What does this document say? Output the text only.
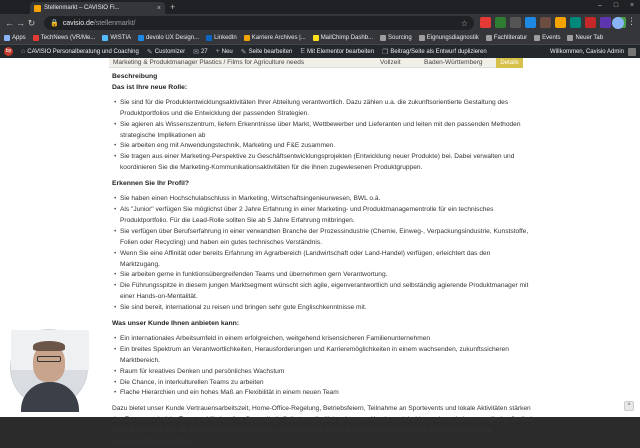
Stellenmarkt – CAVISIO Fi...	× +	–	□	×
← → ↻ 🔒 cavisio.de/stellenmarkt/	☆	⋮
Apps	TechNews (VR/Me...	WISTIA	devolo UX Design...	LinkedIn	Karriere Archives |...	MailChimp Dashb...	Sourcing	Eignungsdiagnostik	Fachliteratur	Events	Neuer Tab
bp ⌂ CAVISIO Personalberatung und Coaching ✎ Customizer ✉ 27 + Neu ✎ Seite bearbeiten E Mit Elementor bearbeiten ❐ Beitrag/Seite als Entwurf duplizieren	Willkommen, Cavisio Admin
Marketing & Produktmanager Plastics / Films for Agriculture needs	Vollzeit	Baden-Württemberg	Details
Beschreibung
Das ist Ihre neue Rolle:
• Sie sind für die Produktentwicklungsaktivitäten Ihrer Abteilung verantwortlich. Dazu zählen u.a. die zukunftsorientierte Gestaltung des Produktportfolios und die Entwicklung der passenden Strategien.
• Sie agieren als Wissenszentrum, liefern Erkenntnisse über Markt, Wettbewerber und Lieferanten und leiten mit den passenden Methoden strategische Implikationen ab
• Sie arbeiten eng mit Anwendungstechnik, Marketing und F&E zusammen.
• Sie tragen aus einer Marketing-Perspektive zu Geschäftsentwicklungsprojekten (Entwicklung neuer Produkte) bei. Dabei verwalten und koordinieren Sie die Marketing-Kommunikationsaktivitäten für die ihnen zugewiesenen Produktgruppen.
Erkennen Sie Ihr Profil?
• Sie haben einen Hochschulabschluss in Marketing, Wirtschaftsingenieurwesen, BWL o.ä.
• Als "Junior" verfügen Sie möglichst über 2 Jahre Erfahrung in einer Marketing- und Produktmanagementrolle für ein technisches Produktportfolio. Für die Lead-Rolle sollten Sie ab 5 Jahre Erfahrung mitbringen.
• Sie verfügen über Berufserfahrung in einer verwandten Branche der Prozessindustrie (Chemie, Einweg-, Verpackungsindustrie, Kunststoffe, Folien oder Recycling) und haben ein gutes technisches Verständnis.
• Wenn Sie eine Affinität oder bereits Erfahrung im Agrarbereich (Landwirtschaft oder Land-Handel) verfügen, erleichtert das den Marktzugang.
• Sie arbeiten gerne in funktionsübergreifenden Teams und übernehmen gern Verantwortung.
• Die Führungsspitze in diesem jungen Marktsegment wünscht sich agile, eigenverantwortlich und selbständig agierende Produktmanager mit einer Hands-on-Mentalität.
• Sie sind bereit, international zu reisen und bringen sehr gute Englischkenntnisse mit.
Was unser Kunde Ihnen anbieten kann:
• Ein internationales Arbeitsumfeld in einem erfolgreichen, weitgehend krisensicheren Familienunternehmen
• Ein breites Spektrum an Verantwortlichkeiten, Herausforderungen und Karrieremöglichkeiten in einem wachsenden, zukunftssicheren Marktbereich.
• Raum für kreatives Denken und persönliches Wachstum
• Die Chance, in interkulturellen Teams zu arbeiten
• Flache Hierarchien und ein hohes Maß an Flexibilität in einem neuen Team

Dazu bietet unser Kunde Vertrauensarbeitszeit, Home-Office-Regelung, Betriebsfeiern, Teilnahme an Sportevents und lokale Aktivitäten stärken den Zusammenhalt im Team und fördern ihre Gesundheit. Selbstverständlich geht unser Kunde auch bei besonderen Lebensumständen flexibel auf Ihre Wünsche ein: Ob Sie nun eine Familie gründen, sich um die Pflege von Angehörigen kümmern oder sich berufsbegleitend weiterqualifizieren möchten.

^
